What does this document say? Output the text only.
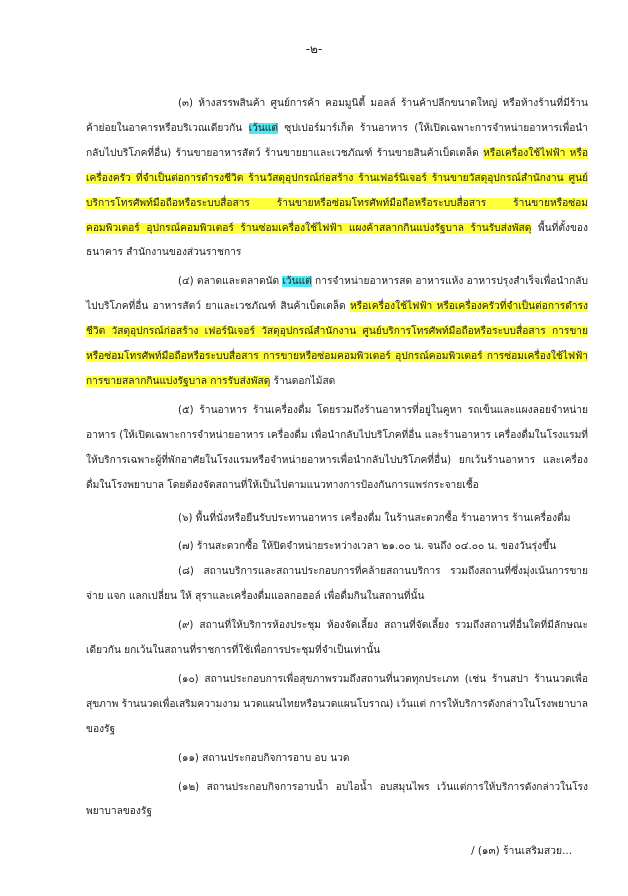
-๒-

(๓) ห้างสรรพสินค้า ศูนย์การค้า คอมมูนิตี้ มอลล์ ร้านค้าปลีกขนาดใหญ่ หรือห้างร้านที่มีร้านค้าย่อยในอาคารหรือบริเวณเดียวกัน เว้นแต่ ซุปเปอร์มาร์เก็ต ร้านอาหาร (ให้เปิดเฉพาะการจำหน่ายอาหารเพื่อนำกลับไปบริโภคที่อื่น) ร้านขายอาหารสัตว์ ร้านขายยาและเวชภัณฑ์ ร้านขายสินค้าเบ็ดเตล็ด หรือเครื่องใช้ไฟฟ้า หรือเครื่องครัว ที่จำเป็นต่อการดำรงชีวิต ร้านวัสดุอุปกรณ์ก่อสร้าง ร้านเฟอร์นิเจอร์ ร้านขายวัสดุอุปกรณ์สำนักงาน ศูนย์บริการโทรศัพท์มือถือหรือระบบสื่อสาร ร้านขายหรือซ่อมโทรศัพท์มือถือหรือระบบสื่อสาร ร้านขายหรือซ่อมคอมพิวเตอร์ อุปกรณ์คอมพิวเตอร์ ร้านซ่อมเครื่องใช้ไฟฟ้า แผงค้าสลากกินแบ่งรัฐบาล ร้านรับส่งพัสดุ พื้นที่ตั้งของธนาคาร สำนักงานของส่วนราชการ

(๔) ตลาดและตลาดนัด เว้นแต่ การจำหน่ายอาหารสด อาหารแห้ง อาหารปรุงสำเร็จเพื่อนำกลับไปบริโภคที่อื่น อาหารสัตว์ ยาและเวชภัณฑ์ สินค้าเบ็ดเตล็ด หรือเครื่องใช้ไฟฟ้า หรือเครื่องครัวที่จำเป็นต่อการดำรงชีวิต วัสดุอุปกรณ์ก่อสร้าง เฟอร์นิเจอร์ วัสดุอุปกรณ์สำนักงาน ศูนย์บริการโทรศัพท์มือถือหรือระบบสื่อสาร การขายหรือซ่อมโทรศัพท์มือถือหรือระบบสื่อสาร การขายหรือซ่อมคอมพิวเตอร์ อุปกรณ์คอมพิวเตอร์ การซ่อมเครื่องใช้ไฟฟ้า การขายสลากกินแบ่งรัฐบาล การรับส่งพัสดุ ร้านดอกไม้สด

(๕) ร้านอาหาร ร้านเครื่องดื่ม โดยรวมถึงร้านอาหารที่อยู่ในคูหา รถเข็นและแผงลอยจำหน่ายอาหาร (ให้เปิดเฉพาะการจำหน่ายอาหาร เครื่องดื่ม เพื่อนำกลับไปบริโภคที่อื่น และร้านอาหาร เครื่องดื่มในโรงแรมที่ให้บริการเฉพาะผู้ที่พักอาศัยในโรงแรมหรือจำหน่ายอาหารเพื่อนำกลับไปบริโภคที่อื่น) ยกเว้นร้านอาหาร และเครื่องดื่มในโรงพยาบาล โดยต้องจัดสถานที่ให้เป็นไปตามแนวทางการป้องกันการแพร่กระจายเชื้อ

(๖) พื้นที่นั่งหรือยืนรับประทานอาหาร เครื่องดื่ม ในร้านสะดวกซื้อ ร้านอาหาร ร้านเครื่องดื่ม

(๗) ร้านสะดวกซื้อ ให้ปิดจำหน่ายระหว่างเวลา ๒๑.๐๐ น. จนถึง ๐๔.๐๐ น. ของวันรุ่งขึ้น

(๘) สถานบริการและสถานประกอบการที่คล้ายสถานบริการ รวมถึงสถานที่ซึ่งมุ่งเน้นการขาย จ่าย แจก แลกเปลี่ยน ให้ สุราและเครื่องดื่มแอลกอฮอล์ เพื่อดื่มกินในสถานที่นั้น

(๙) สถานที่ให้บริการห้องประชุม ห้องจัดเลี้ยง สถานที่จัดเลี้ยง รวมถึงสถานที่อื่นใดที่มีลักษณะเดียวกัน ยกเว้นในสถานที่ราชการที่ใช้เพื่อการประชุมที่จำเป็นเท่านั้น

(๑๐) สถานประกอบการเพื่อสุขภาพรวมถึงสถานที่นวดทุกประเภท (เช่น ร้านสปา ร้านนวดเพื่อสุขภาพ ร้านนวดเพื่อเสริมความงาม นวดแผนไทยหรือนวดแผนโบราณ) เว้นแต่ การให้บริการดังกล่าวในโรงพยาบาลของรัฐ

(๑๑) สถานประกอบกิจการอาบ อบ นวด

(๑๒) สถานประกอบกิจการอาบน้ำ อบไอน้ำ อบสมุนไพร เว้นแต่การให้บริการดังกล่าวในโรงพยาบาลของรัฐ

/ (๑๓) ร้านเสริมสวย...
